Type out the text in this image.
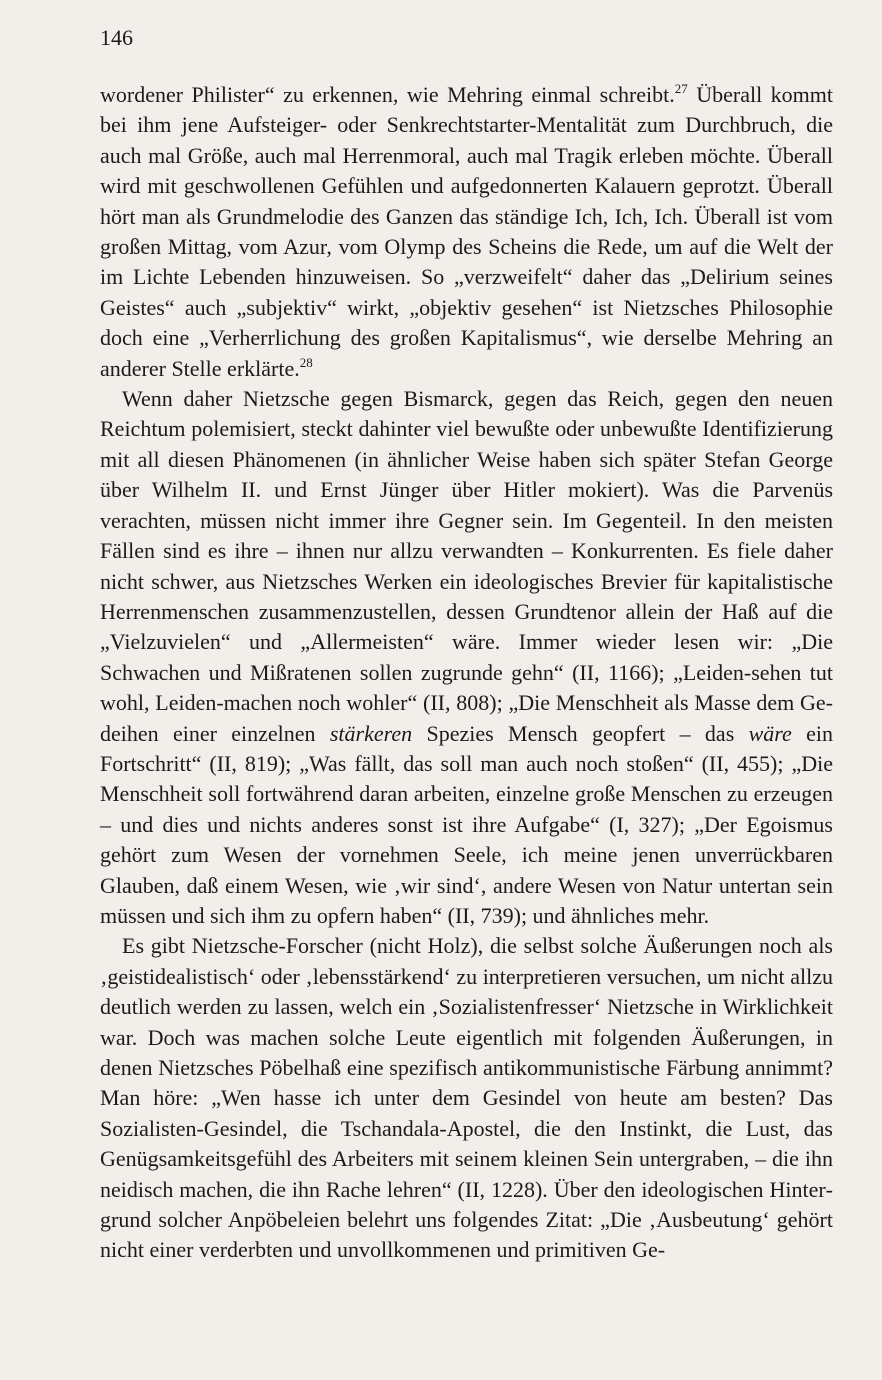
146

wordener Philister“ zu erkennen, wie Mehring einmal schreibt.$^{27}$ Überall kommt bei ihm jene Aufsteiger- oder Senkrechtstarter-Mentalität zum Durchbruch, die auch mal Größe, auch mal Herrenmoral, auch mal Tragik erleben möchte. Überall wird mit geschwollenen Gefühlen und aufgedonnerten Kalauern geprotzt. Überall hört man als Grundmelodie des Ganzen das ständige Ich, Ich, Ich. Überall ist vom großen Mittag, vom Azur, vom Olymp des Scheins die Rede, um auf die Welt der im Lichte Lebenden hinzuweisen. So „verzweifelt“ daher das „Delirium seines Geistes“ auch „subjektiv“ wirkt, „objektiv gesehen“ ist Nietzsches Philosophie doch eine „Verherrlichung des großen Kapitalismus“, wie derselbe Mehring an anderer Stelle erklärte.$^{28}$

Wenn daher Nietzsche gegen Bismarck, gegen das Reich, gegen den neuen Reichtum polemisiert, steckt dahinter viel bewußte oder unbewußte Identifizierung mit all diesen Phänomenen (in ähnlicher Weise haben sich später Stefan George über Wilhelm II. und Ernst Jünger über Hitler mokiert). Was die Parvenüs verachten, müssen nicht immer ihre Gegner sein. Im Gegenteil. In den meisten Fällen sind es ihre – ihnen nur allzu verwandten – Konkurrenten. Es fiele daher nicht schwer, aus Nietzsches Werken ein ideologisches Brevier für kapitalistische Herrenmenschen zusammenzustellen, dessen Grundtenor allein der Haß auf die „Vielzuvielen“ und „Allermeisten“ wäre. Immer wieder lesen wir: „Die Schwachen und Mißratenen sollen zugrunde gehn“ (II, 1166); „Leiden-sehen tut wohl, Leiden-machen noch wohler“ (II, 808); „Die Menschheit als Masse dem Gedeihen einer einzelnen stärkeren Spezies Mensch geopfert – das wäre ein Fortschritt“ (II, 819); „Was fällt, das soll man auch noch stoßen“ (II, 455); „Die Menschheit soll fortwährend daran arbeiten, einzelne große Menschen zu erzeugen – und dies und nichts anderes sonst ist ihre Aufgabe“ (I, 327); „Der Egoismus gehört zum Wesen der vornehmen Seele, ich meine jenen unverrückbaren Glauben, daß einem Wesen, wie ‚wir sind‘, andere Wesen von Natur untertan sein müssen und sich ihm zu opfern haben“ (II, 739); und ähnliches mehr.

Es gibt Nietzsche-Forscher (nicht Holz), die selbst solche Äußerungen noch als ‚geistidealistisch‘ oder ‚lebensstärkend‘ zu interpretieren versuchen, um nicht allzu deutlich werden zu lassen, welch ein ‚Sozialistenfresser‘ Nietzsche in Wirklichkeit war. Doch was machen solche Leute eigentlich mit folgenden Äußerungen, in denen Nietzsches Pöbelhaß eine spezifisch antikommunistische Färbung annimmt? Man höre: „Wen hasse ich unter dem Gesindel von heute am besten? Das Sozialisten-Gesindel, die Tschandala-Apostel, die den Instinkt, die Lust, das Genügsamkeitsgefühl des Arbeiters mit seinem kleinen Sein untergraben, – die ihn neidisch machen, die ihn Rache lehren“ (II, 1228). Über den ideologischen Hintergrund solcher Anpöbeleien belehrt uns folgendes Zitat: „Die ‚Ausbeutung‘ gehört nicht einer verderbten und unvollkommenen und primitiven Ge-
